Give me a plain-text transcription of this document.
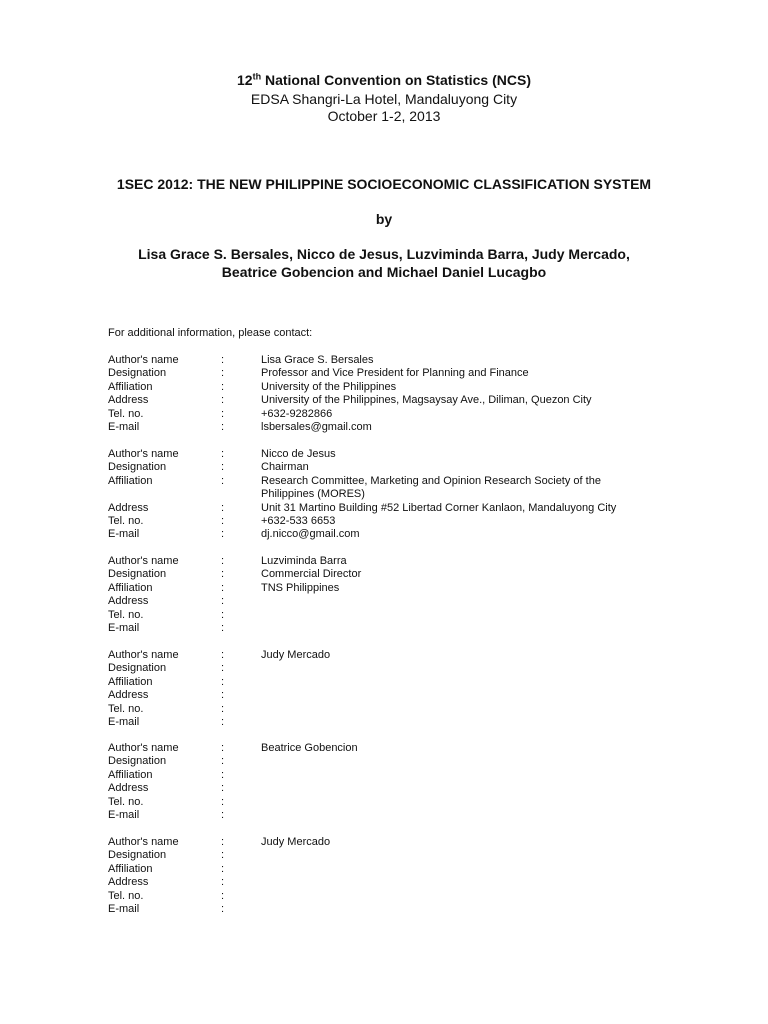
12th National Convention on Statistics (NCS)
EDSA Shangri-La Hotel, Mandaluyong City
October 1-2, 2013
1SEC 2012: THE NEW PHILIPPINE SOCIOECONOMIC CLASSIFICATION SYSTEM
by
Lisa Grace S. Bersales, Nicco de Jesus, Luzviminda Barra, Judy Mercado,
Beatrice Gobencion and Michael Daniel Lucagbo
For additional information, please contact:
Author's name	:	Lisa Grace S. Bersales
Designation	:	Professor and Vice President for Planning and Finance
Affiliation	:	University of the Philippines
Address	:	University of the Philippines, Magsaysay Ave., Diliman, Quezon City
Tel. no.	:	+632-9282866
E-mail	:	lsbersales@gmail.com
Author's name	:	Nicco de Jesus
Designation	:	Chairman
Affiliation	:	Research Committee, Marketing and Opinion Research Society of the Philippines (MORES)
Address	:	Unit 31 Martino Building #52 Libertad Corner Kanlaon, Mandaluyong City
Tel. no.	:	+632-533 6653
E-mail	:	dj.nicco@gmail.com
Author's name	:	Luzviminda Barra
Designation	:	Commercial Director
Affiliation	:	TNS Philippines
Address	:
Tel. no.	:
E-mail	:
Author's name	:	Judy Mercado
Designation	:
Affiliation	:
Address	:
Tel. no.	:
E-mail	:
Author's name	:	Beatrice Gobencion
Designation	:
Affiliation	:
Address	:
Tel. no.	:
E-mail	:
Author's name	:	Judy Mercado
Designation	:
Affiliation	:
Address	:
Tel. no.	:
E-mail	:
